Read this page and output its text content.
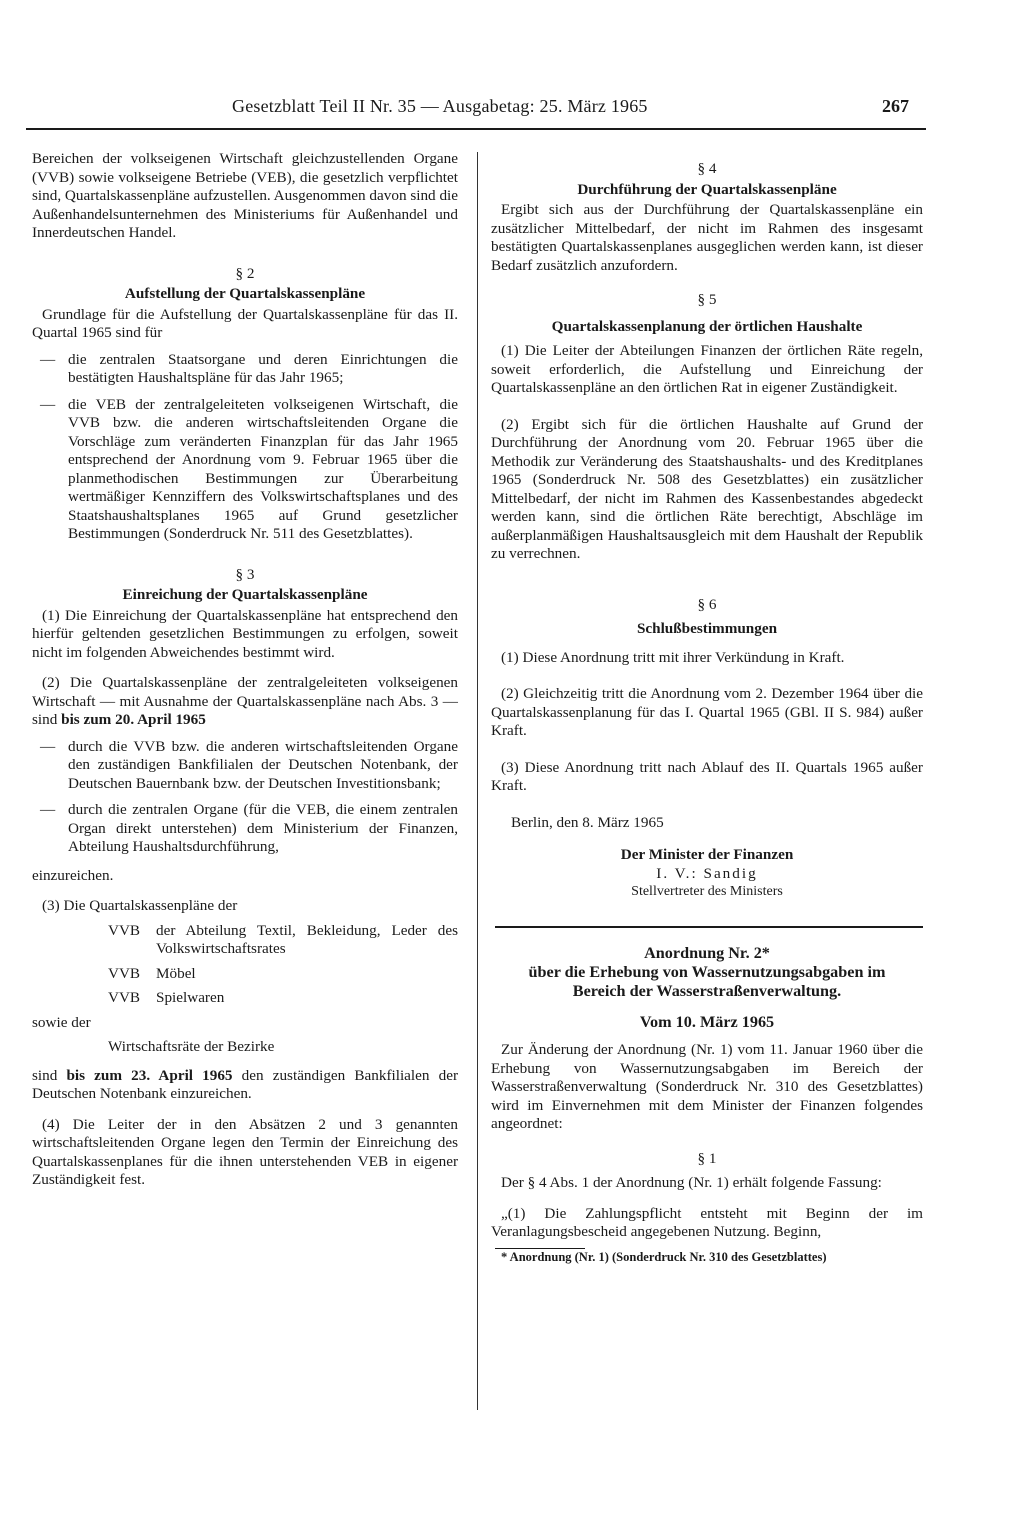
Gesetzblatt Teil II Nr. 35 — Ausgabetag: 25. März 1965	267

Bereichen der volkseigenen Wirtschaft gleichzustellenden Organe (VVB) sowie volkseigene Betriebe (VEB), die gesetzlich verpflichtet sind, Quartalskassenpläne aufzustellen. Ausgenommen davon sind die Außenhandelsunternehmen des Ministeriums für Außenhandel und Innerdeutschen Handel.

§ 2

Aufstellung der Quartalskassenpläne

Grundlage für die Aufstellung der Quartalskassenpläne für das II. Quartal 1965 sind für

— die zentralen Staatsorgane und deren Einrichtungen die bestätigten Haushaltspläne für das Jahr 1965;
— die VEB der zentralgeleiteten volkseigenen Wirtschaft, die VVB bzw. die anderen wirtschaftsleitenden Organe die Vorschläge zum veränderten Finanzplan für das Jahr 1965 entsprechend der Anordnung vom 9. Februar 1965 über die planmethodischen Bestimmungen zur Überarbeitung wertmäßiger Kennziffern des Volkswirtschaftsplanes und des Staatshaushaltsplanes 1965 auf Grund gesetzlicher Bestimmungen (Sonderdruck Nr. 511 des Gesetzblattes).

§ 3

Einreichung der Quartalskassenpläne

(1) Die Einreichung der Quartalskassenpläne hat entsprechend den hierfür geltenden gesetzlichen Bestimmungen zu erfolgen, soweit nicht im folgenden Abweichendes bestimmt wird.

(2) Die Quartalskassenpläne der zentralgeleiteten volkseigenen Wirtschaft — mit Ausnahme der Quartalskassenpläne nach Abs. 3 — sind bis zum 20. April 1965

— durch die VVB bzw. die anderen wirtschaftsleitenden Organe den zuständigen Bankfilialen der Deutschen Notenbank, der Deutschen Bauernbank bzw. der Deutschen Investitionsbank;
— durch die zentralen Organe (für die VEB, die einem zentralen Organ direkt unterstehen) dem Ministerium der Finanzen, Abteilung Haushaltsdurchführung,

einzureichen.

(3) Die Quartalskassenpläne der

VVB	der Abteilung Textil, Bekleidung, Leder des Volkswirtschaftsrates
VVB	Möbel
VVB	Spielwaren

sowie der

Wirtschaftsräte der Bezirke

sind bis zum 23. April 1965 den zuständigen Bankfilialen der Deutschen Notenbank einzureichen.

(4) Die Leiter der in den Absätzen 2 und 3 genannten wirtschaftsleitenden Organe legen den Termin der Einreichung des Quartalskassenplanes für die ihnen unterstehenden VEB in eigener Zuständigkeit fest.

§ 4

Durchführung der Quartalskassenpläne

Ergibt sich aus der Durchführung der Quartalskassenpläne ein zusätzlicher Mittelbedarf, der nicht im Rahmen des insgesamt bestätigten Quartalskassenplanes ausgeglichen werden kann, ist dieser Bedarf zusätzlich anzufordern.

§ 5

Quartalskassenplanung der örtlichen Haushalte

(1) Die Leiter der Abteilungen Finanzen der örtlichen Räte regeln, soweit erforderlich, die Aufstellung und Einreichung der Quartalskassenpläne an den örtlichen Rat in eigener Zuständigkeit.

(2) Ergibt sich für die örtlichen Haushalte auf Grund der Durchführung der Anordnung vom 20. Februar 1965 über die Methodik zur Veränderung des Staatshaushalts- und des Kreditplanes 1965 (Sonderdruck Nr. 508 des Gesetzblattes) ein zusätzlicher Mittelbedarf, der nicht im Rahmen des Kassenbestandes abgedeckt werden kann, sind die örtlichen Räte berechtigt, Abschläge im außerplanmäßigen Haushaltsausgleich mit dem Haushalt der Republik zu verrechnen.

§ 6

Schlußbestimmungen

(1) Diese Anordnung tritt mit ihrer Verkündung in Kraft.

(2) Gleichzeitig tritt die Anordnung vom 2. Dezember 1964 über die Quartalskassenplanung für das I. Quartal 1965 (GBl. II S. 984) außer Kraft.

(3) Diese Anordnung tritt nach Ablauf des II. Quartals 1965 außer Kraft.

Berlin, den 8. März 1965

Der Minister der Finanzen

I. V.: Sandig

Stellvertreter des Ministers

Anordnung Nr. 2*

über die Erhebung von Wassernutzungsabgaben im

Bereich der Wasserstraßenverwaltung.

Vom 10. März 1965

Zur Änderung der Anordnung (Nr. 1) vom 11. Januar 1960 über die Erhebung von Wassernutzungsabgaben im Bereich der Wasserstraßenverwaltung (Sonderdruck Nr. 310 des Gesetzblattes) wird im Einvernehmen mit dem Minister der Finanzen folgendes angeordnet:

§ 1

Der § 4 Abs. 1 der Anordnung (Nr. 1) erhält folgende Fassung:

„(1) Die Zahlungspflicht entsteht mit Beginn der im Veranlagungsbescheid angegebenen Nutzung. Beginn,

* Anordnung (Nr. 1) (Sonderdruck Nr. 310 des Gesetzblattes)
